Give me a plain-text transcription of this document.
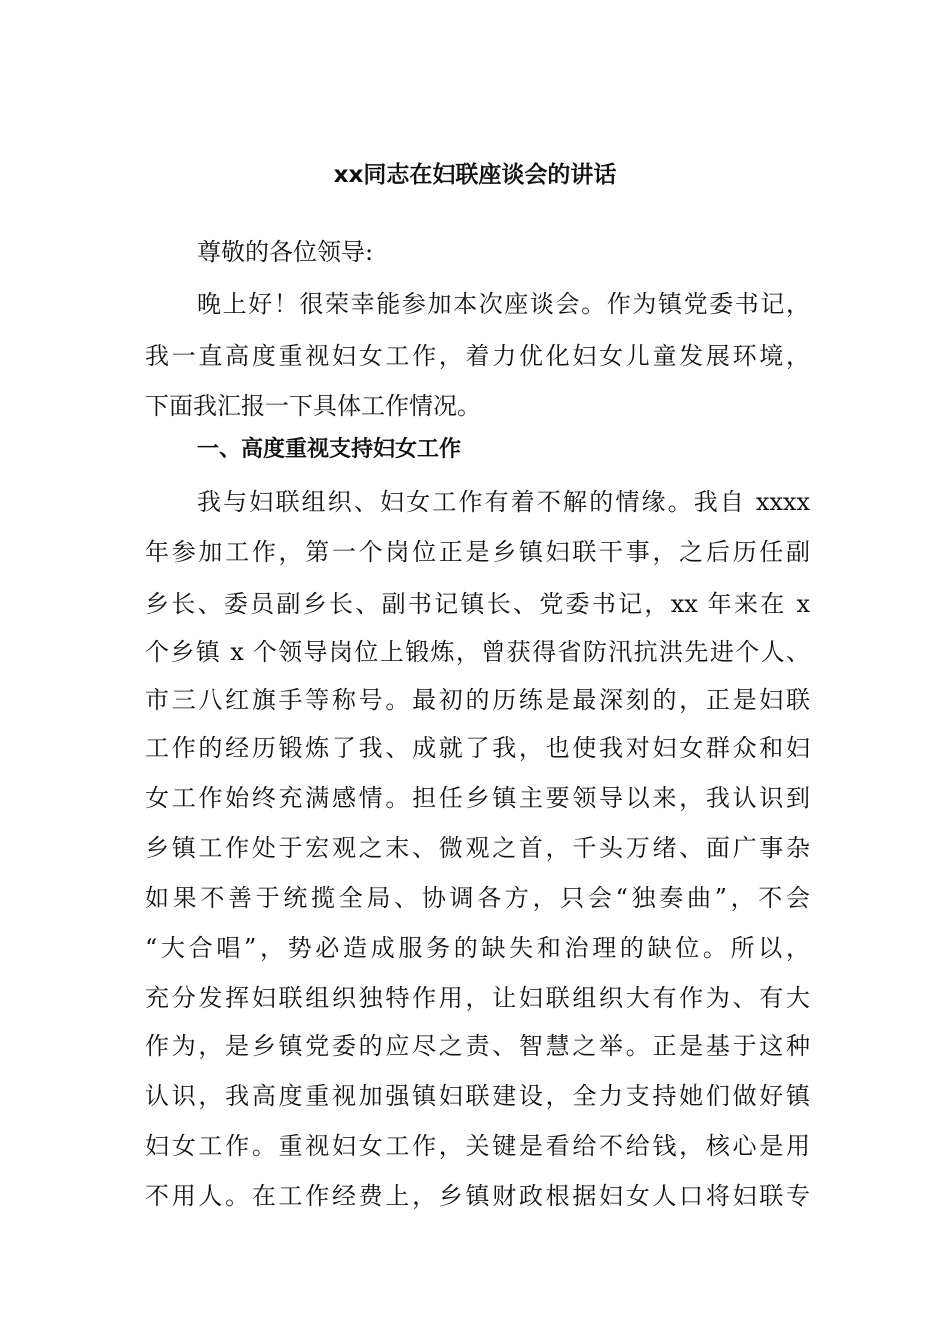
xx同志在妇联座谈会的讲话
尊敬的各位领导:
晚上好！很荣幸能参加本次座谈会。作为镇党委书记，
我一直高度重视妇女工作，着力优化妇女儿童发展环境，
下面我汇报一下具体工作情况。
一、高度重视支持妇女工作
我与妇联组织、妇女工作有着不解的情缘。我自 xxxx
年参加工作，第一个岗位正是乡镇妇联干事，之后历任副
乡长、委员副乡长、副书记镇长、党委书记，xx 年来在 x
个乡镇 x 个领导岗位上锻炼，曾获得省防汛抗洪先进个人、
市三八红旗手等称号。最初的历练是最深刻的，正是妇联
工作的经历锻炼了我、成就了我，也使我对妇女群众和妇
女工作始终充满感情。担任乡镇主要领导以来，我认识到
乡镇工作处于宏观之末、微观之首，千头万绪、面广事杂
如果不善于统揽全局、协调各方，只会“独奏曲”，不会
“大合唱”，势必造成服务的缺失和治理的缺位。所以，
充分发挥妇联组织独特作用，让妇联组织大有作为、有大
作为，是乡镇党委的应尽之责、智慧之举。正是基于这种
认识，我高度重视加强镇妇联建设，全力支持她们做好镇
妇女工作。重视妇女工作，关键是看给不给钱，核心是用
不用人。在工作经费上，乡镇财政根据妇女人口将妇联专
